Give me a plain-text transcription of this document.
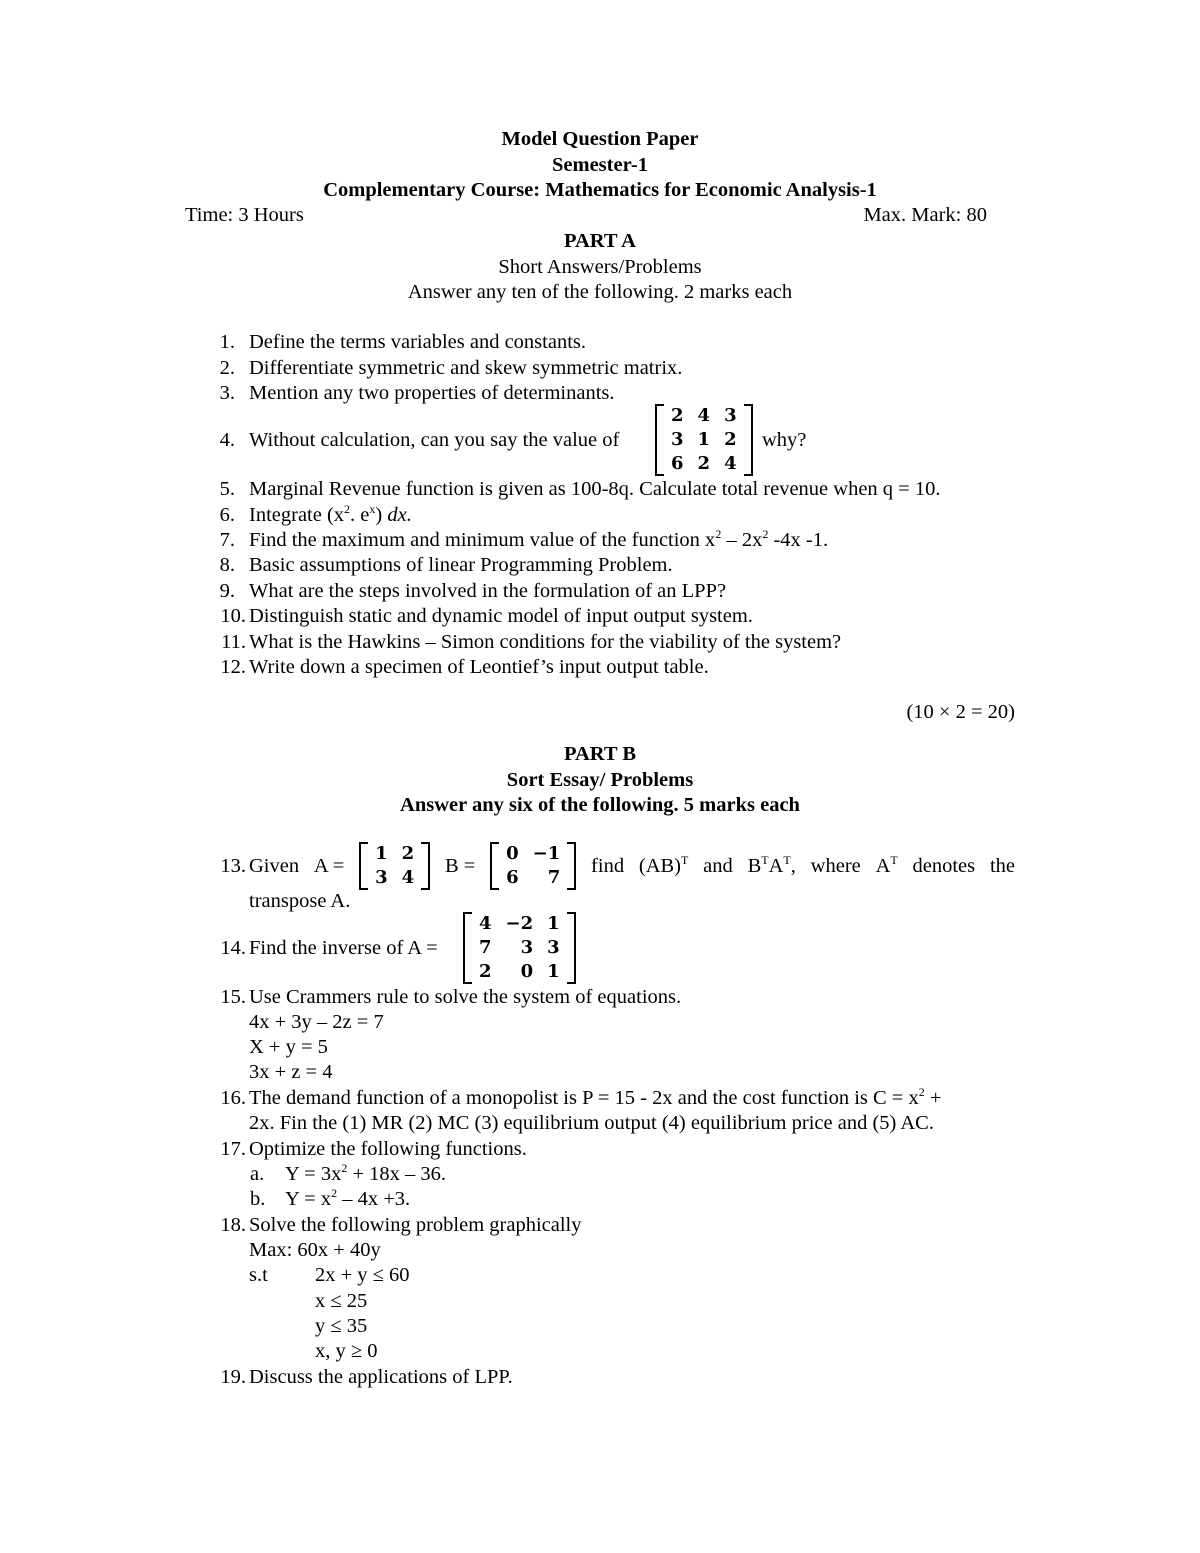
Model Question Paper
Semester-1
Complementary Course: Mathematics for Economic Analysis-1
Time: 3 Hours	Max. Mark: 80
PART A
Short Answers/Problems
Answer any ten of the following. 2 marks each
1. Define the terms variables and constants.
2. Differentiate symmetric and skew symmetric matrix.
3. Mention any two properties of determinants.
4. Without calculation, can you say the value of
2	4	3
3	1	2
6	2	4
why?
5. Marginal Revenue function is given as 100-8q. Calculate total revenue when q = 10.
6. Integrate ($x^2$. $e^x$) dx.
7. Find the maximum and minimum value of the function $x^2 - 2x^2$ -4x -1.
8. Basic assumptions of linear Programming Problem.
9. What are the steps involved in the formulation of an LPP?
10. Distinguish static and dynamic model of input output system.
11. What is the Hawkins – Simon conditions for the viability of the system?
12. Write down a specimen of Leontief’s input output table.
(10 × 2 = 20)
PART B
Sort Essay/ Problems
Answer any six of the following. 5 marks each
13. Given A =
1	2
3	4
B =
0	−1
6	7
find (AB)$^T$ and $B^TA^T$, where $A^T$ denotes the
transpose A.
14. Find the inverse of A =
4	−2	1
7	3	3
2	0	1
15. Use Crammers rule to solve the system of equations.
4x + 3y – 2z = 7
X + y = 5
3x + z = 4
16. The demand function of a monopolist is P = 15 - 2x and the cost function is $C = x^2$ +
2x. Fin the (1) MR (2) MC (3) equilibrium output (4) equilibrium price and (5) AC.
17. Optimize the following functions.
a. $Y = 3x^2 + 18x - 36$.
b. $Y = x^2 - 4x +3$.
18. Solve the following problem graphically
Max: 60x + 40y
s.t 2x + y ≤ 60
x ≤ 25
y ≤ 35
x, y ≥ 0
19. Discuss the applications of LPP.
